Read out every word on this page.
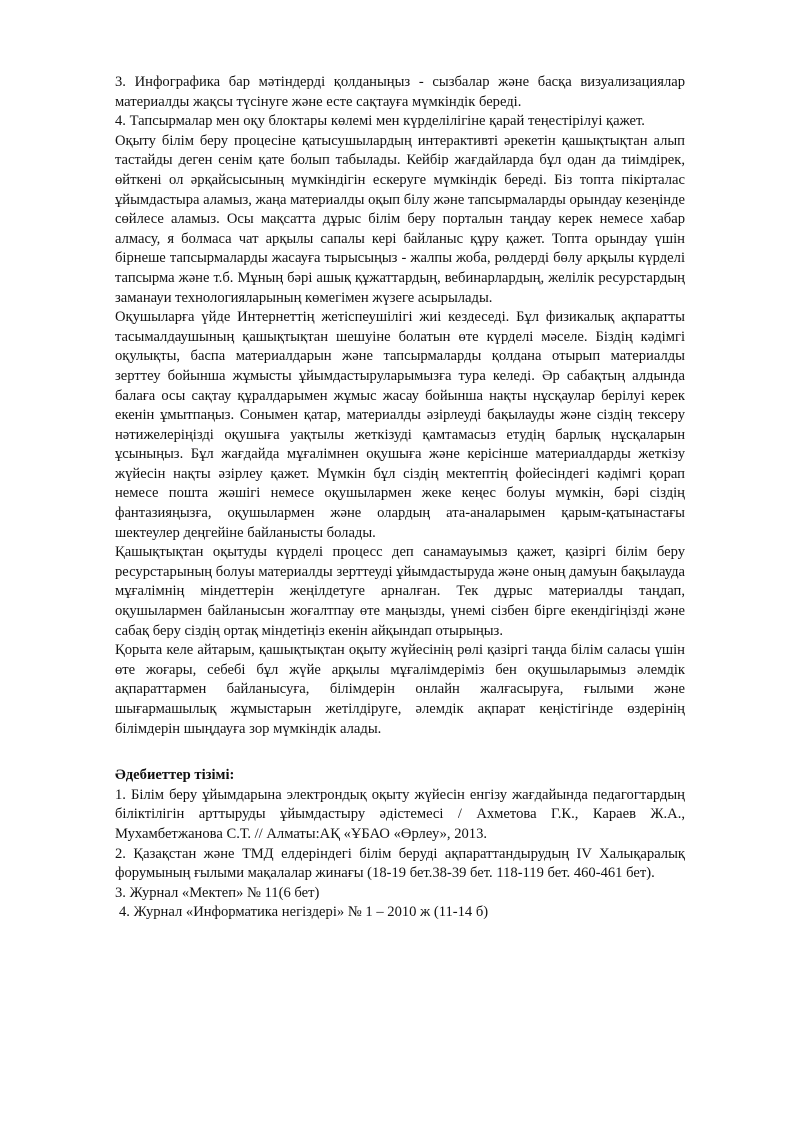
3. Инфографика бар мәтіндерді қолданыңыз - сызбалар және басқа визуализациялар материалды жақсы түсінуге және есте сақтауға мүмкіндік береді.

4. Тапсырмалар мен оқу блоктары көлемі мен күрделілігіне қарай теңестірілуі қажет.

Оқыту білім беру процесіне қатысушылардың интерактивті әрекетін қашықтықтан алып тастайды деген сенім қате болып табылады. Кейбір жағдайларда бұл одан да тиімдірек, өйткені ол әрқайсысының мүмкіндігін ескеруге мүмкіндік береді. Біз топта пікірталас ұйымдастыра аламыз, жаңа материалды оқып білу және тапсырмаларды орындау кезеңінде сөйлесе аламыз. Осы мақсатта дұрыс білім беру порталын таңдау керек немесе хабар алмасу, я болмаса чат арқылы сапалы кері байланыс құру қажет. Топта орындау үшін бірнеше тапсырмаларды жасауға тырысыңыз - жалпы жоба, рөлдерді бөлу арқылы күрделі тапсырма және т.б. Мұның бәрі ашық құжаттардың, вебинарлардың, желілік ресурстардың заманауи технологияларының көмегімен жүзеге асырылады.

Оқушыларға үйде Интернеттің жетіспеушілігі жиі кездеседі. Бұл физикалық ақпаратты тасымалдаушының қашықтықтан шешуіне болатын өте күрделі мәселе. Біздің кәдімгі оқулықты, баспа материалдарын және тапсырмаларды қолдана отырып материалды зерттеу бойынша жұмысты ұйымдастыруларымызға тура келеді. Әр сабақтың алдында балаға осы сақтау құралдарымен жұмыс жасау бойынша нақты нұсқаулар берілуі керек екенін ұмытпаңыз. Сонымен қатар, материалды әзірлеуді бақылауды және сіздің тексеру нәтижелеріңізді оқушыға уақтылы жеткізуді қамтамасыз етудің барлық нұсқаларын ұсыныңыз. Бұл жағдайда мұғалімнен оқушыға және керісінше материалдарды жеткізу жүйесін нақты әзірлеу қажет. Мүмкін бұл сіздің мектептің фойесіндегі кәдімгі қорап немесе пошта жәшігі немесе оқушылармен жеке кеңес болуы мүмкін, бәрі сіздің фантазияңызға, оқушылармен және олардың ата-аналарымен қарым-қатынастағы шектеулер деңгейіне байланысты болады.

Қашықтықтан оқытуды күрделі процесс деп санамауымыз қажет, қазіргі білім беру ресурстарының болуы материалды зерттеуді ұйымдастыруда және оның дамуын бақылауда мұғалімнің міндеттерін жеңілдетуге арналған. Тек дұрыс материалды таңдап, оқушылармен байланысын жоғалтпау өте маңызды, үнемі сізбен бірге екендігіңізді және сабақ беру сіздің ортақ міндетіңіз екенін айқындап отырыңыз.

Қорыта келе айтарым, қашықтықтан оқыту жүйесінің рөлі қазіргі таңда білім саласы үшін өте жоғары, себебі бұл жүйе арқылы мұғалімдеріміз бен оқушыларымыз әлемдік ақпараттармен байланысуға, білімдерін онлайн жалғасыруға, ғылыми және шығармашылық жұмыстарын жетілдіруге, әлемдік ақпарат кеңістігінде өздерінің білімдерін шыңдауға зор мүмкіндік алады.

Әдебиеттер тізімі:

1. Білім беру ұйымдарына электрондық оқыту жүйесін енгізу жағдайында педагогтардың біліктілігін арттыруды ұйымдастыру әдістемесі / Ахметова Г.К., Караев Ж.А., Мухамбетжанова С.Т. // Алматы:АҚ «ҰБАО «Өрлеу», 2013.

2. Қазақстан және ТМД елдеріндегі білім беруді ақпараттандырудың IV Халықаралық форумының ғылыми мақалалар жинағы (18-19 бет.38-39 бет. 118-119 бет. 460-461 бет).

3. Журнал «Мектеп» № 11(6 бет)

4. Журнал «Информатика негіздері» № 1 – 2010 ж (11-14 б)
